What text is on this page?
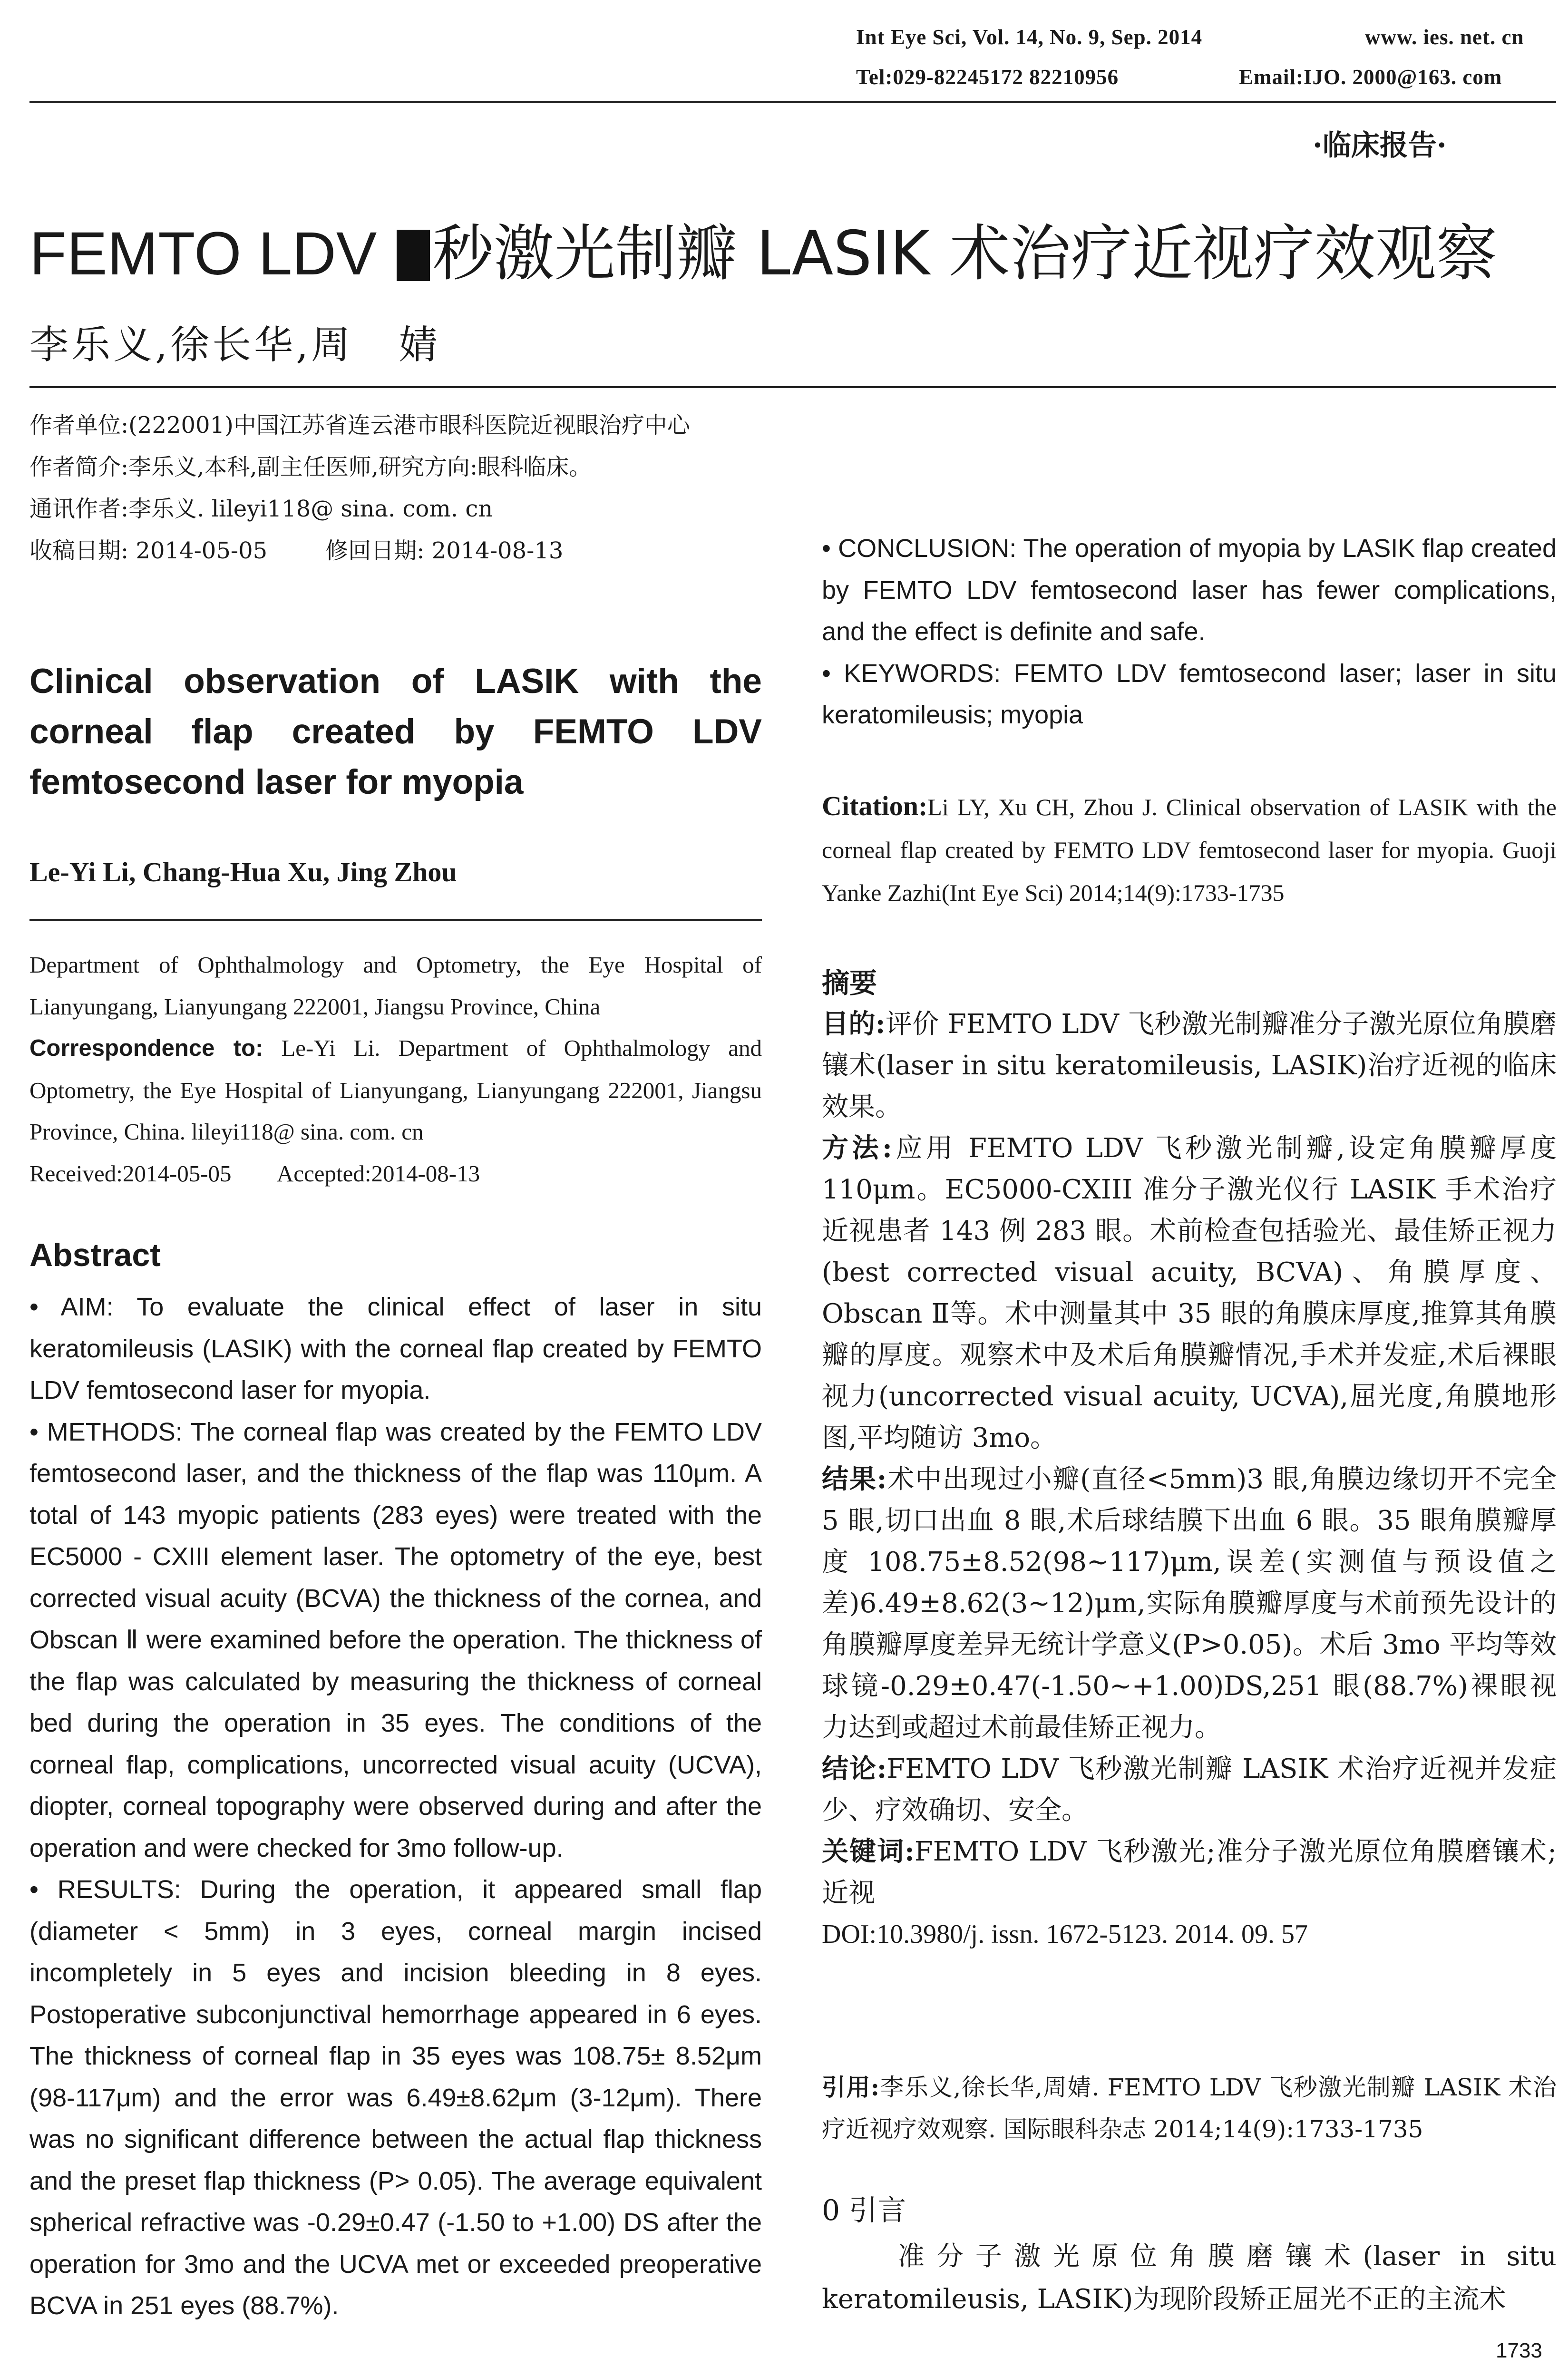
Int Eye Sci, Vol. 14, No. 9, Sep. 2014	www. ies. net. cn
Tel:029-82245172 82210956	Email:IJO. 2000@163. com
·临床报告·
FEMTO LDV 秒激光制瓣 LASIK 术治疗近视疗效观察
李乐义,徐长华,周   婧
作者单位:(222001)中国江苏省连云港市眼科医院近视眼治疗中心
作者简介:李乐义,本科,副主任医师,研究方向:眼科临床。
通讯作者:李乐义. lileyi118@ sina. com. cn
收稿日期: 2014-05-05        修回日期: 2014-08-13
Clinical observation of LASIK with the corneal flap created by FEMTO LDV femtosecond laser for myopia
Le-Yi Li, Chang-Hua Xu, Jing Zhou
Department of Ophthalmology and Optometry, the Eye Hospital of Lianyungang, Lianyungang 222001, Jiangsu Province, China
Correspondence to: Le-Yi Li. Department of Ophthalmology and Optometry, the Eye Hospital of Lianyungang, Lianyungang 222001, Jiangsu Province, China. lileyi118@ sina. com. cn
Received:2014-05-05        Accepted:2014-08-13
Abstract

• AIM: To evaluate the clinical effect of laser in situ keratomileusis (LASIK) with the corneal flap created by FEMTO LDV femtosecond laser for myopia.

• METHODS: The corneal flap was created by the FEMTO LDV femtosecond laser, and the thickness of the flap was 110μm. A total of 143 myopic patients (283 eyes) were treated with the EC5000 - CXIII element laser. The optometry of the eye, best corrected visual acuity (BCVA) the thickness of the cornea, and Obscan Ⅱ were examined before the operation. The thickness of the flap was calculated by measuring the thickness of corneal bed during the operation in 35 eyes. The conditions of the corneal flap, complications, uncorrected visual acuity (UCVA), diopter, corneal topography were observed during and after the operation and were checked for 3mo follow-up.

• RESULTS: During the operation, it appeared small flap (diameter < 5mm) in 3 eyes, corneal margin incised incompletely in 5 eyes and incision bleeding in 8 eyes. Postoperative subconjunctival hemorrhage appeared in 6 eyes. The thickness of corneal flap in 35 eyes was 108.75± 8.52μm (98-117μm) and the error was 6.49±8.62μm (3-12μm). There was no significant difference between the actual flap thickness and the preset flap thickness (P> 0.05). The average equivalent spherical refractive was -0.29±0.47 (-1.50 to +1.00) DS after the operation for 3mo and the UCVA met or exceeded preoperative BCVA in 251 eyes (88.7%).

• CONCLUSION: The operation of myopia by LASIK flap created by FEMTO LDV femtosecond laser has fewer complications, and the effect is definite and safe.

• KEYWORDS: FEMTO LDV femtosecond laser; laser in situ keratomileusis; myopia

Citation:Li LY, Xu CH, Zhou J. Clinical observation of LASIK with the corneal flap created by FEMTO LDV femtosecond laser for myopia. Guoji Yanke Zazhi(Int Eye Sci) 2014;14(9):1733-1735
摘要

目的:评价 FEMTO LDV 飞秒激光制瓣准分子激光原位角膜磨镶术(laser in situ keratomileusis, LASIK)治疗近视的临床效果。

方法:应用 FEMTO LDV 飞秒激光制瓣,设定角膜瓣厚度 110μm。EC5000-CXIII 准分子激光仪行 LASIK 手术治疗近视患者 143 例 283 眼。术前检查包括验光、最佳矫正视力(best corrected visual acuity, BCVA)、角膜厚度、Obscan Ⅱ等。术中测量其中 35 眼的角膜床厚度,推算其角膜瓣的厚度。观察术中及术后角膜瓣情况,手术并发症,术后裸眼视力(uncorrected visual acuity, UCVA),屈光度,角膜地形图,平均随访 3mo。

结果:术中出现过小瓣(直径<5mm)3 眼,角膜边缘切开不完全 5 眼,切口出血 8 眼,术后球结膜下出血 6 眼。35 眼角膜瓣厚度 108.75±8.52(98~117)μm,误差(实测值与预设值之差)6.49±8.62(3~12)μm,实际角膜瓣厚度与术前预先设计的角膜瓣厚度差异无统计学意义(P>0.05)。术后 3mo 平均等效球镜-0.29±0.47(-1.50~+1.00)DS,251 眼(88.7%)裸眼视力达到或超过术前最佳矫正视力。

结论:FEMTO LDV 飞秒激光制瓣 LASIK 术治疗近视并发症少、疗效确切、安全。

关键词:FEMTO LDV 飞秒激光;准分子激光原位角膜磨镶术;近视

DOI:10.3980/j. issn. 1672-5123. 2014. 09. 57

引用:李乐义,徐长华,周婧. FEMTO LDV 飞秒激光制瓣 LASIK 术治疗近视疗效观察. 国际眼科杂志 2014;14(9):1733-1735
0 引言
准分子激光原位角膜磨镶术(laser in situ keratomileusis, LASIK)为现阶段矫正屈光不正的主流术
1733
